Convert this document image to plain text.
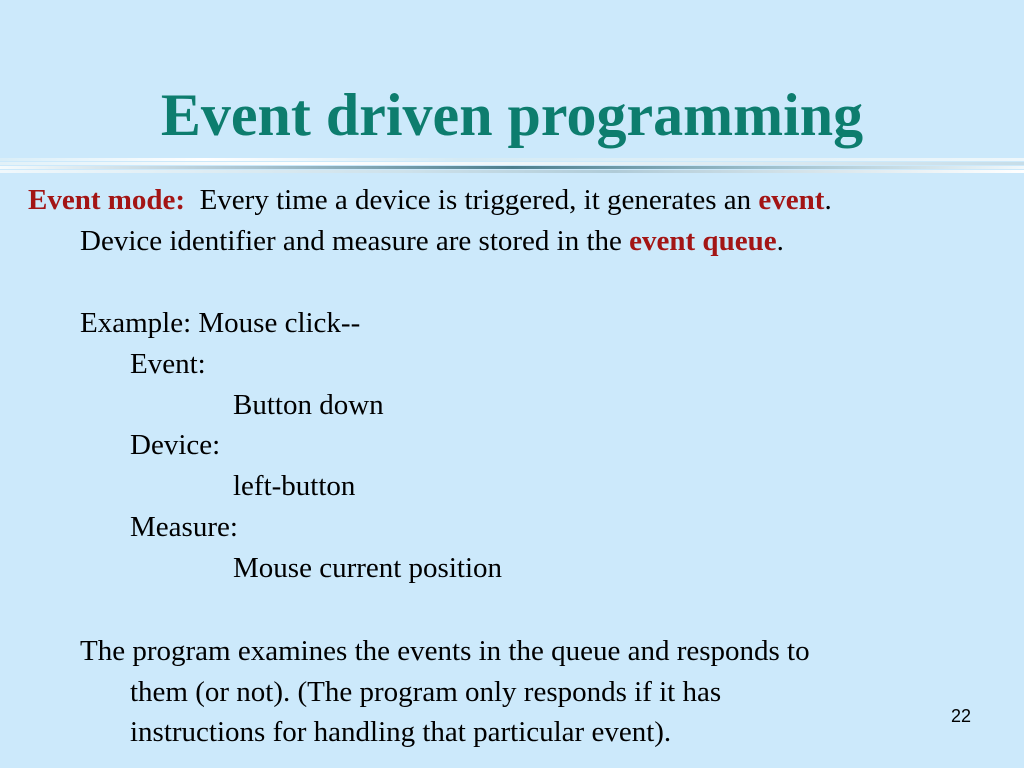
Event driven programming
Event mode: Every time a device is triggered, it generates an event.
Device identifier and measure are stored in the event queue.
Example: Mouse click--
Event:
Button down
Device:
left-button
Measure:
Mouse current position
The program examines the events in the queue and responds to
them (or not). (The program only responds if it has
instructions for handling that particular event).	22
